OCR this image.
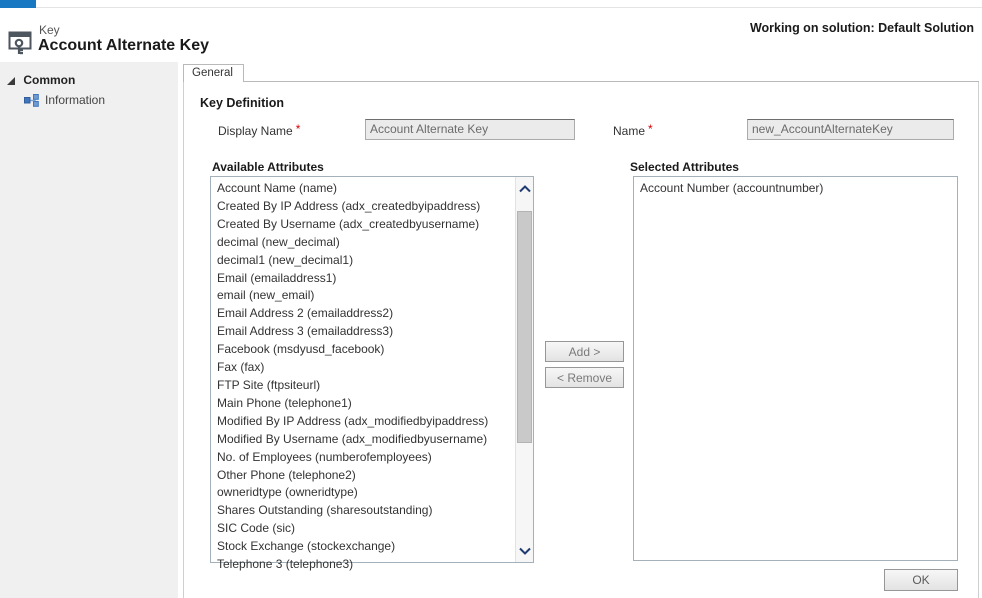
Key
Account Alternate Key
Working on solution: Default Solution
Common
Information
General
Key Definition
Display Name *	Account Alternate Key	Name *	new_AccountAlternateKey
Available Attributes
Account Name (name)
Created By IP Address (adx_createdbyipaddress)
Created By Username (adx_createdbyusername)
decimal (new_decimal)
decimal1 (new_decimal1)
Email (emailaddress1)
email (new_email)
Email Address 2 (emailaddress2)
Email Address 3 (emailaddress3)
Facebook (msdyusd_facebook)
Fax (fax)
FTP Site (ftpsiteurl)
Main Phone (telephone1)
Modified By IP Address (adx_modifiedbyipaddress)
Modified By Username (adx_modifiedbyusername)
No. of Employees (numberofemployees)
Other Phone (telephone2)
owneridtype (owneridtype)
Shares Outstanding (sharesoutstanding)
SIC Code (sic)
Stock Exchange (stockexchange)
Telephone 3 (telephone3)
Add >
< Remove
Selected Attributes
Account Number (accountnumber)
OK
